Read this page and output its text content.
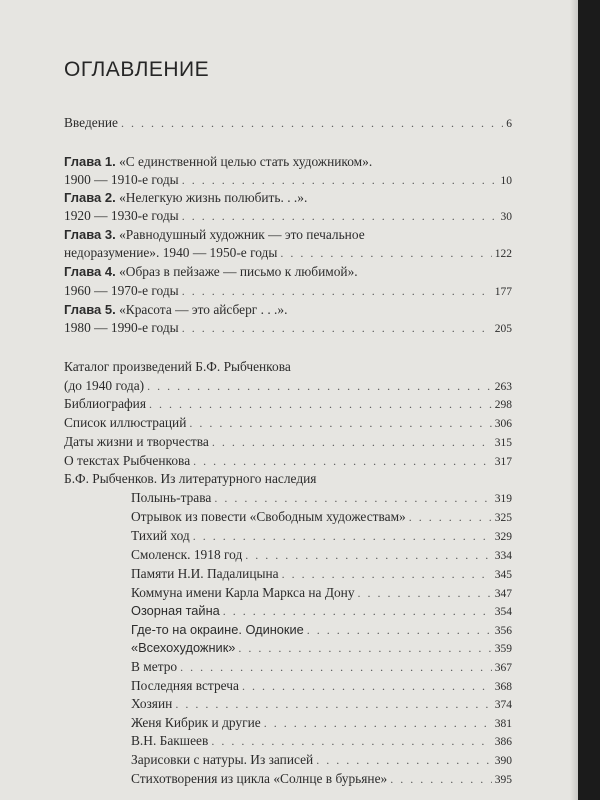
ОГЛАВЛЕНИЕ
Введение . . .	6
Глава 1. «С единственной целью стать художником».
1900 — 1910-е годы . . .	10
Глава 2. «Нелегкую жизнь полюбить. . .».
1920 — 1930-е годы . . .	30
Глава 3. «Равнодушный художник — это печальное
недоразумение». 1940 — 1950-е годы . . .	122
Глава 4. «Образ в пейзаже — письмо к любимой».
1960 — 1970-е годы . . .	177
Глава 5. «Красота — это айсберг . . .».
1980 — 1990-е годы . . .	205
Каталог произведений Б.Ф. Рыбченкова
(до 1940 года) . . .	263
Библиография . . .	298
Список иллюстраций . . .	306
Даты жизни и творчества . . .	315
О текстах Рыбченкова . . .	317
Б.Ф. Рыбченков. Из литературного наследия
Полынь-трава . . .	319
Отрывок из повести «Свободным художествам» . . .	325
Тихий ход . . .	329
Смоленск. 1918 год . . .	334
Памяти Н.И. Падалицына . . .	345
Коммуна имени Карла Маркса на Дону . . .	347
Озорная тайна . . .	354
Где-то на окраине. Одинокие . . .	356
«Всехохудожник» . . .	359
В метро . . .	367
Последняя встреча . . .	368
Хозяин . . .	374
Женя Кибрик и другие . . .	381
В.Н. Бакшеев . . .	386
Зарисовки с натуры. Из записей . . .	390
Стихотворения из цикла «Солнце в бурьяне» . . .	395
